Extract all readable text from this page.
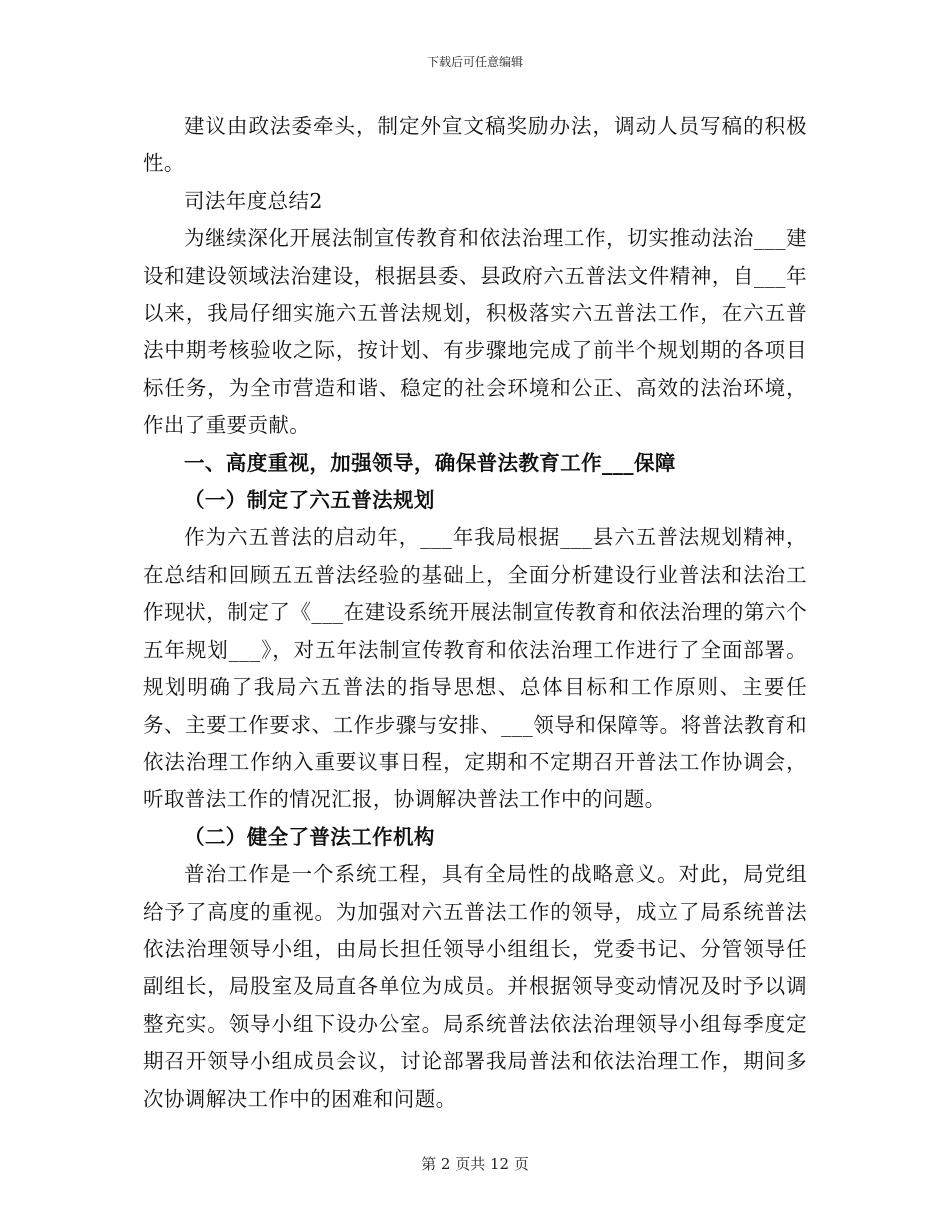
下载后可任意编辑

建议由政法委牵头，制定外宣文稿奖励办法，调动人员写稿的积极性。

司法年度总结2

为继续深化开展法制宣传教育和依法治理工作，切实推动法治___建设和建设领域法治建设，根据县委、县政府六五普法文件精神，自___年以来，我局仔细实施六五普法规划，积极落实六五普法工作，在六五普法中期考核验收之际，按计划、有步骤地完成了前半个规划期的各项目标任务，为全市营造和谐、稳定的社会环境和公正、高效的法治环境，作出了重要贡献。

一、高度重视，加强领导，确保普法教育工作___保障

（一）制定了六五普法规划

作为六五普法的启动年，___年我局根据___县六五普法规划精神，在总结和回顾五五普法经验的基础上，全面分析建设行业普法和法治工作现状，制定了《___在建设系统开展法制宣传教育和依法治理的第六个五年规划___》，对五年法制宣传教育和依法治理工作进行了全面部署。规划明确了我局六五普法的指导思想、总体目标和工作原则、主要任务、主要工作要求、工作步骤与安排、___领导和保障等。将普法教育和依法治理工作纳入重要议事日程，定期和不定期召开普法工作协调会，听取普法工作的情况汇报，协调解决普法工作中的问题。

（二）健全了普法工作机构

普治工作是一个系统工程，具有全局性的战略意义。对此，局党组给予了高度的重视。为加强对六五普法工作的领导，成立了局系统普法依法治理领导小组，由局长担任领导小组组长，党委书记、分管领导任副组长，局股室及局直各单位为成员。并根据领导变动情况及时予以调整充实。领导小组下设办公室。局系统普法依法治理领导小组每季度定期召开领导小组成员会议，讨论部署我局普法和依法治理工作，期间多次协调解决工作中的困难和问题。

第 2 页共 12 页
